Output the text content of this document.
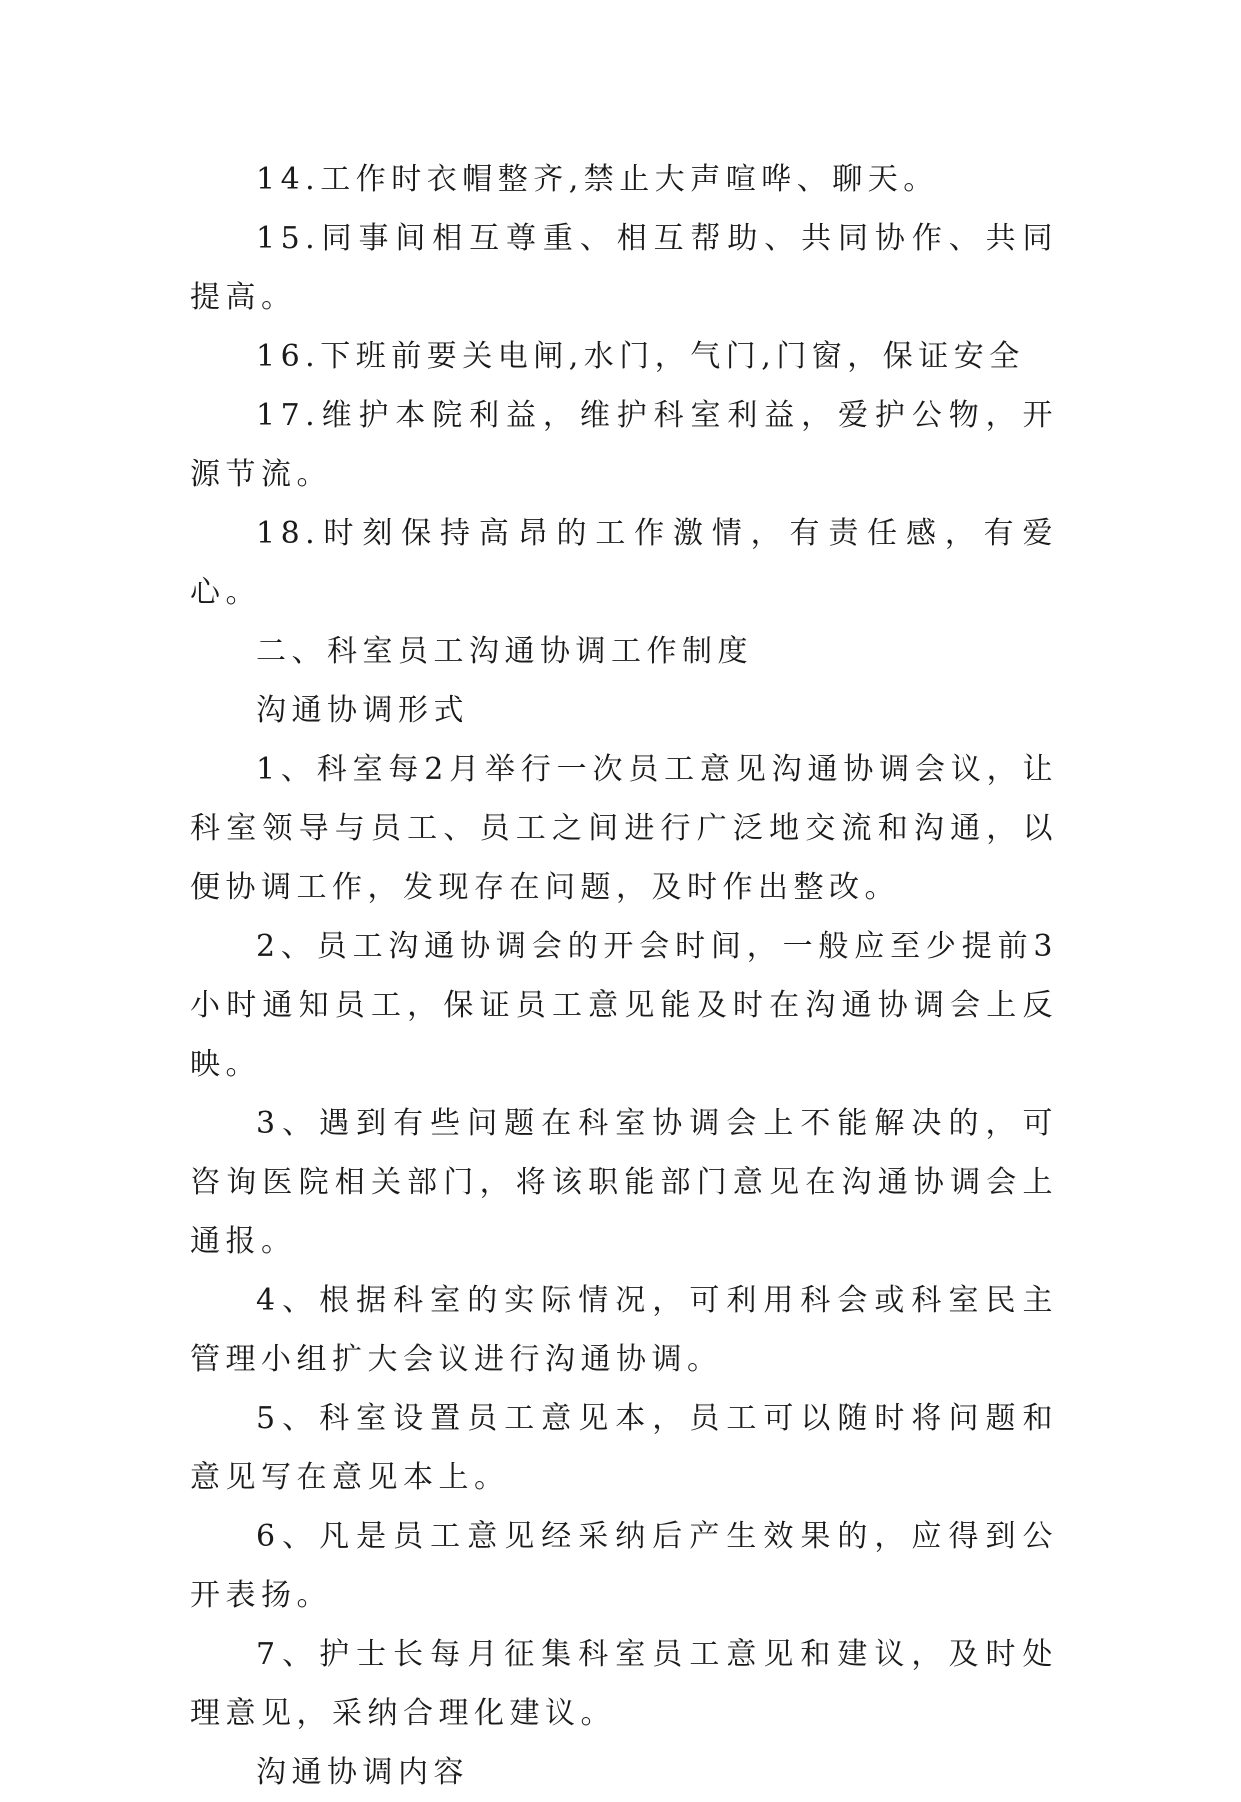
14.工作时衣帽整齐,禁止大声喧哗、聊天。

15.同事间相互尊重、相互帮助、共同协作、共同提高。

16.下班前要关电闸,水门，气门,门窗，保证安全

17.维护本院利益，维护科室利益，爱护公物，开源节流。

18.时刻保持高昂的工作激情，有责任感，有爱心。

二、科室员工沟通协调工作制度

沟通协调形式

1、科室每2月举行一次员工意见沟通协调会议，让科室领导与员工、员工之间进行广泛地交流和沟通，以便协调工作，发现存在问题，及时作出整改。

2、员工沟通协调会的开会时间，一般应至少提前3小时通知员工，保证员工意见能及时在沟通协调会上反映。

3、遇到有些问题在科室协调会上不能解决的，可咨询医院相关部门，将该职能部门意见在沟通协调会上通报。

4、根据科室的实际情况，可利用科会或科室民主管理小组扩大会议进行沟通协调。

5、科室设置员工意见本，员工可以随时将问题和意见写在意见本上。

6、凡是员工意见经采纳后产生效果的，应得到公开表扬。

7、护士长每月征集科室员工意见和建议，及时处理意见，采纳合理化建议。

沟通协调内容
